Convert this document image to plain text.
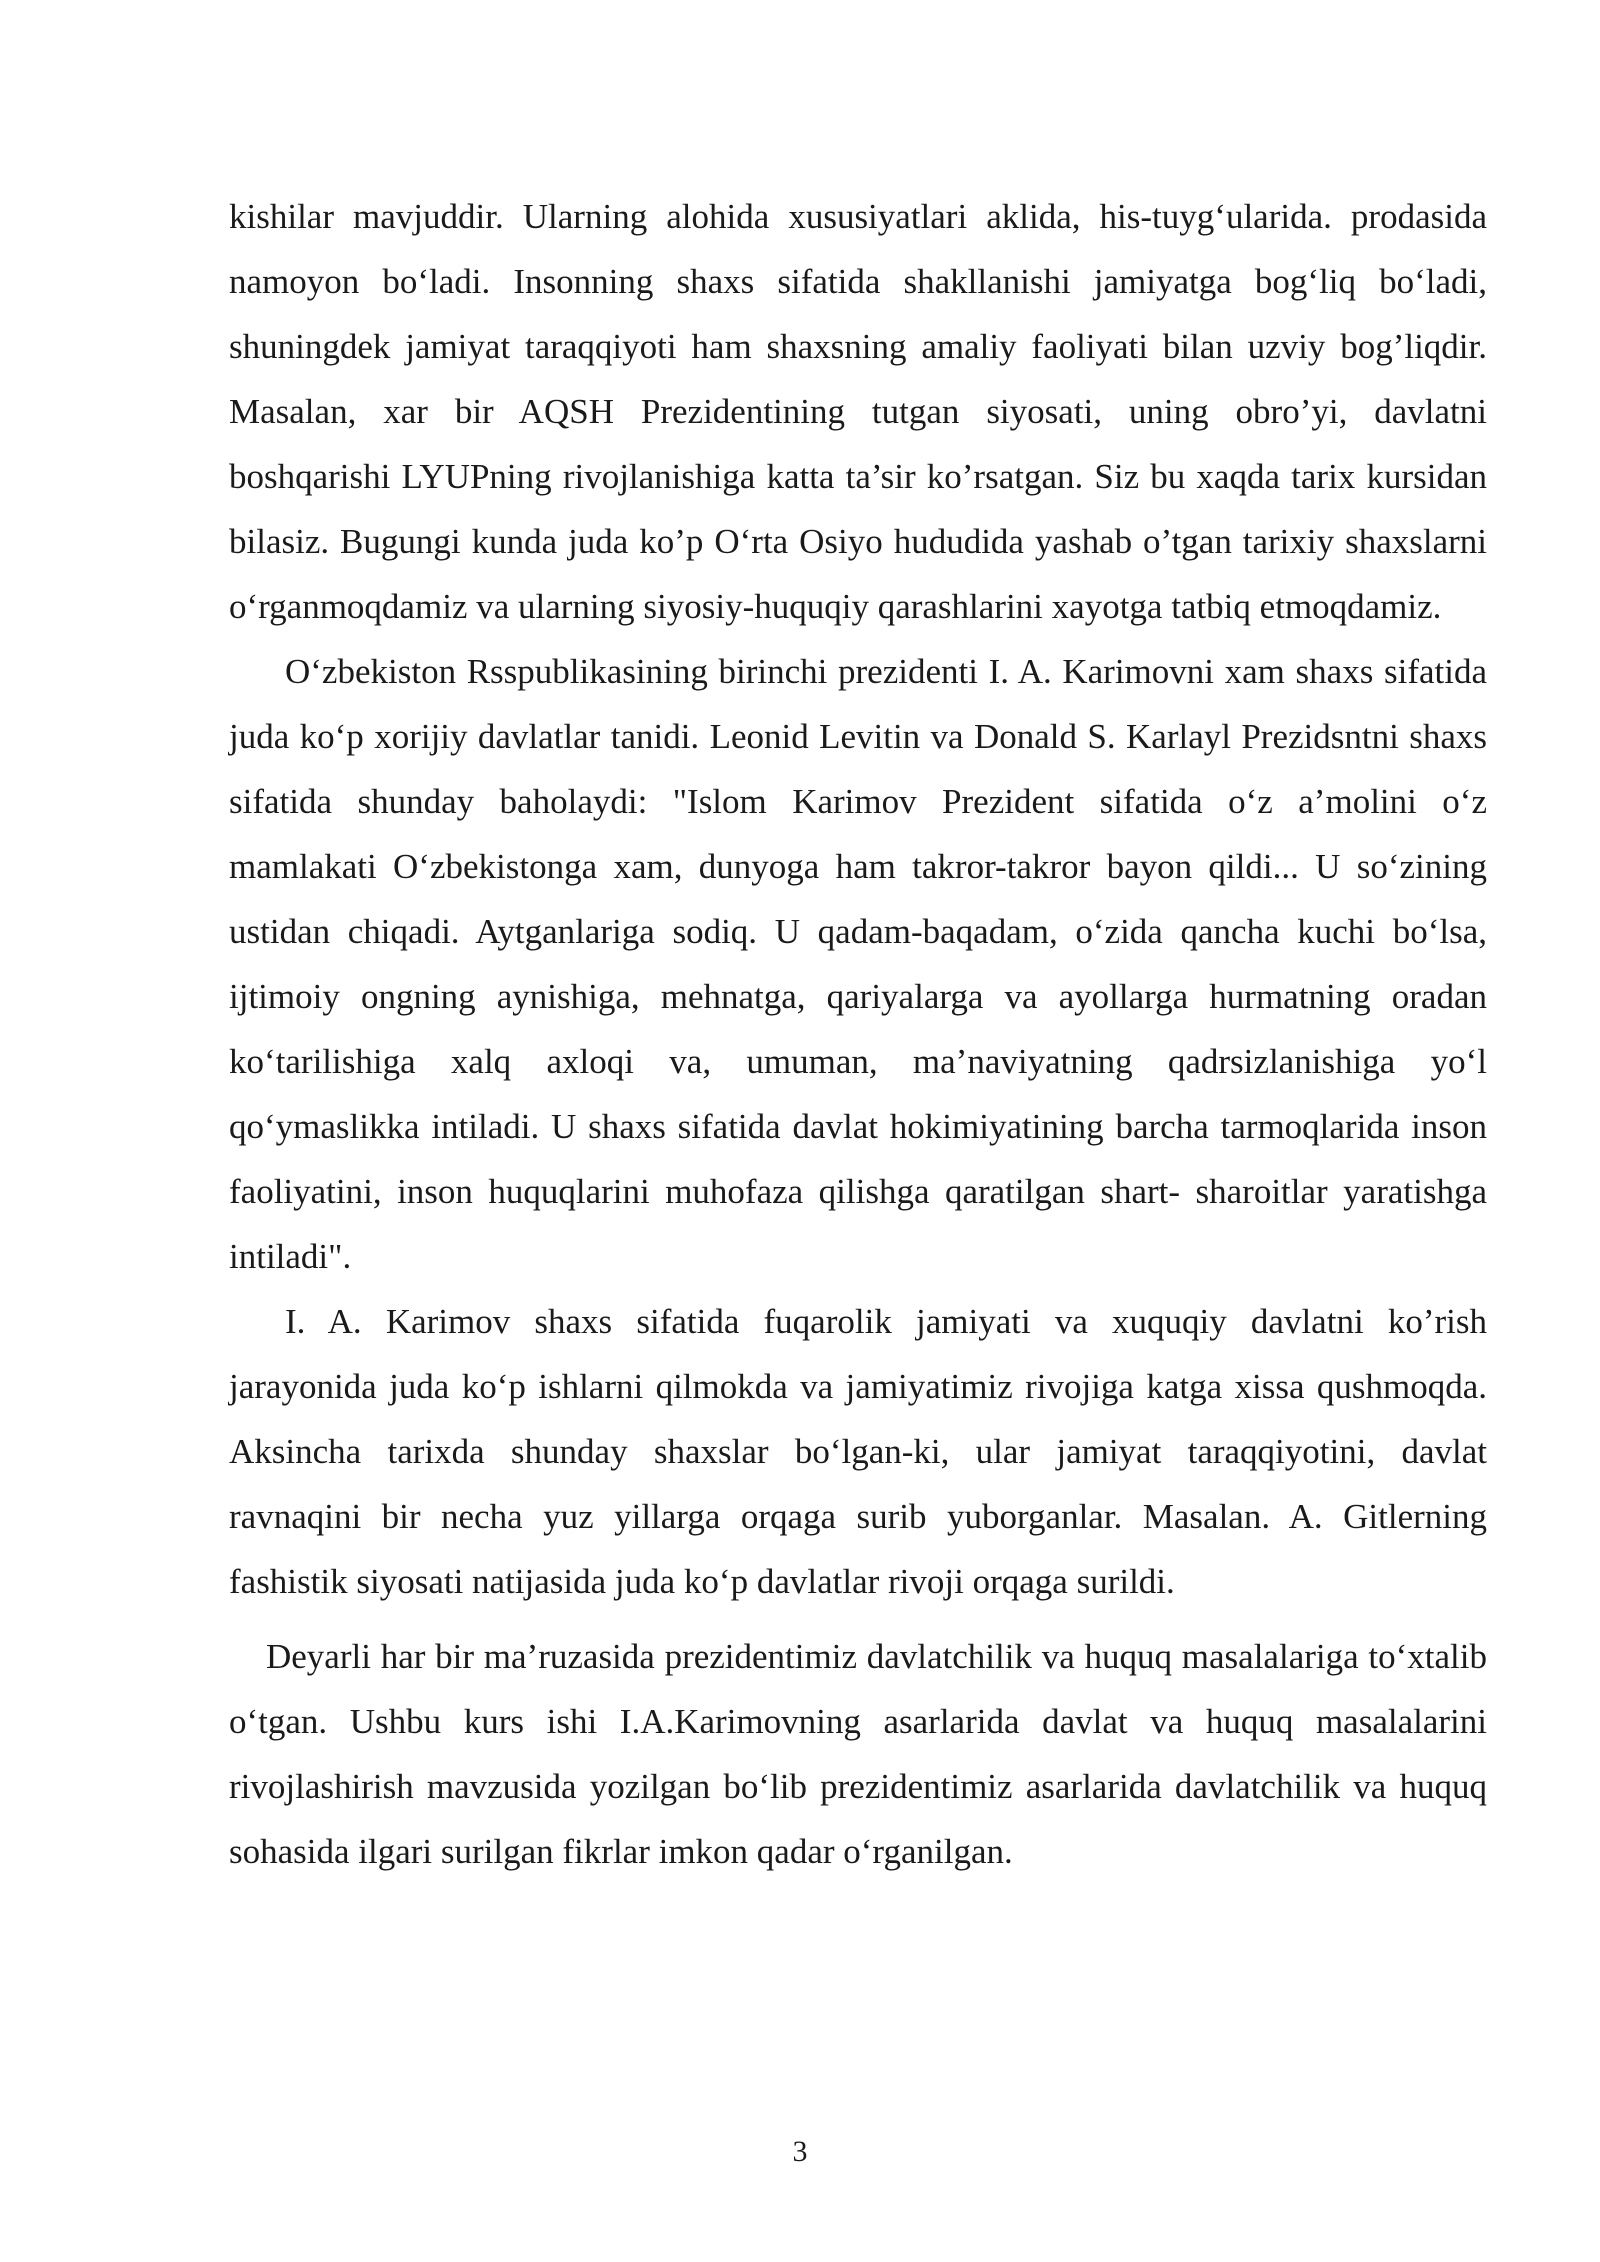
kishilar mavjuddir. Ularning alohida xususiyatlari aklida, his-tuyg‘ularida. prodasida namoyon bo‘ladi. Insonning shaxs sifatida shakllanishi jamiyatga bog‘liq bo‘ladi, shuningdek jamiyat taraqqiyoti ham shaxsning amaliy faoliyati bilan uzviy bog’liqdir. Masalan, xar bir AQSH Prezidentining tutgan siyosati, uning obro’yi, davlatni boshqarishi LYUPning rivojlanishiga katta ta’sir ko’rsatgan. Siz bu xaqda tarix kursidan bilasiz. Bugungi kunda juda ko’p O‘rta Osiyo hududida yashab o’tgan tarixiy shaxslarni o‘rganmoqdamiz va ularning siyosiy-huquqiy qarashlarini xayotga tatbiq etmoqdamiz.

O‘zbekiston Rsspublikasining birinchi prezidenti I. A. Karimovni xam shaxs sifatida juda ko‘p xorijiy davlatlar tanidi. Leonid Levitin va Donald S. Karlayl Prezidsntni shaxs sifatida shunday baholaydi: "Islom Karimov Prezident sifatida o‘z a’molini o‘z mamlakati O‘zbekistonga xam, dunyoga ham takror-takror bayon qildi... U so‘zining ustidan chiqadi. Aytganlariga sodiq. U qadam-baqadam, o‘zida qancha kuchi bo‘lsa, ijtimoiy ongning aynishiga, mehnatga, qariyalarga va ayollarga hurmatning oradan ko‘tarilishiga xalq axloqi va, umuman, ma’naviyatning qadrsizlanishiga yo‘l qo‘ymaslikka intiladi. U shaxs sifatida davlat hokimiyatining barcha tarmoqlarida inson faoliyatini, inson huquqlarini muhofaza qilishga qaratilgan shart- sharoitlar yaratishga intiladi".

I. A. Karimov shaxs sifatida fuqarolik jamiyati va xuquqiy davlatni ko’rish jarayonida juda ko‘p ishlarni qilmokda va jamiyatimiz rivojiga katga xissa qushmoqda. Aksincha tarixda shunday shaxslar bo‘lgan-ki, ular jamiyat taraqqiyotini, davlat ravnaqini bir necha yuz yillarga orqaga surib yuborganlar. Masalan. A. Gitlerning fashistik siyosati natijasida juda ko‘p davlatlar rivoji orqaga surildi.

Deyarli har bir ma’ruzasida prezidentimiz davlatchilik va huquq masalalariga to‘xtalib o‘tgan. Ushbu kurs ishi I.A.Karimovning asarlarida davlat va huquq masalalarini rivojlashirish mavzusida yozilgan bo‘lib prezidentimiz asarlarida davlatchilik va huquq sohasida ilgari surilgan fikrlar imkon qadar o‘rganilgan.

3
